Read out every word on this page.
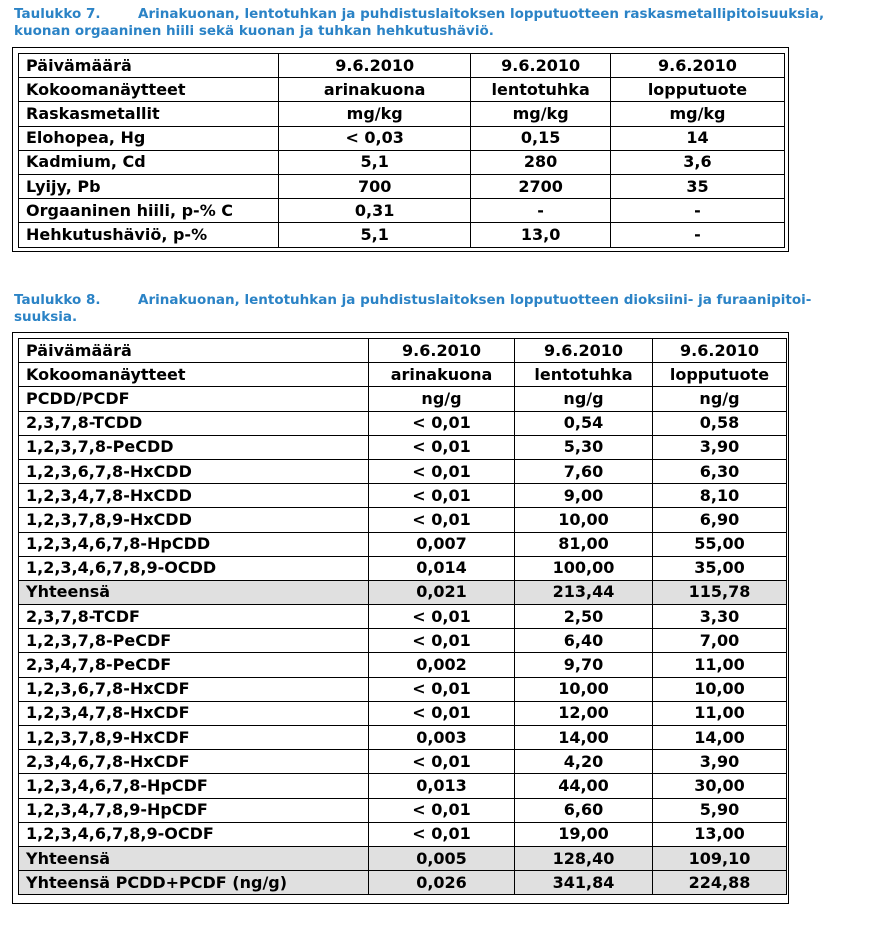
Taulukko 7.	Arinakuonan, lentotuhkan ja puhdistuslaitoksen lopputuotteen raskasmetallipitoisuuksia,
kuonan orgaaninen hiili sekä kuonan ja tuhkan hehkutushäviö.
Päivämäärä	9.6.2010	9.6.2010	9.6.2010
Kokoomanäytteet	arinakuona	lentotuhka	lopputuote
Raskasmetallit	mg/kg	mg/kg	mg/kg
Elohopea, Hg	< 0,03	0,15	14
Kadmium, Cd	5,1	280	3,6
Lyijy, Pb	700	2700	35
Orgaaninen hiili, p-% C	0,31	-	-
Hehkutushäviö, p-%	5,1	13,0	-
Taulukko 8.	Arinakuonan, lentotuhkan ja puhdistuslaitoksen lopputuotteen dioksiini- ja furaanipitoi-
suuksia.
Päivämäärä	9.6.2010	9.6.2010	9.6.2010
Kokoomanäytteet	arinakuona	lentotuhka	lopputuote
PCDD/PCDF	ng/g	ng/g	ng/g
2,3,7,8-TCDD	< 0,01	0,54	0,58
1,2,3,7,8-PeCDD	< 0,01	5,30	3,90
1,2,3,6,7,8-HxCDD	< 0,01	7,60	6,30
1,2,3,4,7,8-HxCDD	< 0,01	9,00	8,10
1,2,3,7,8,9-HxCDD	< 0,01	10,00	6,90
1,2,3,4,6,7,8-HpCDD	0,007	81,00	55,00
1,2,3,4,6,7,8,9-OCDD	0,014	100,00	35,00
Yhteensä	0,021	213,44	115,78
2,3,7,8-TCDF	< 0,01	2,50	3,30
1,2,3,7,8-PeCDF	< 0,01	6,40	7,00
2,3,4,7,8-PeCDF	0,002	9,70	11,00
1,2,3,6,7,8-HxCDF	< 0,01	10,00	10,00
1,2,3,4,7,8-HxCDF	< 0,01	12,00	11,00
1,2,3,7,8,9-HxCDF	0,003	14,00	14,00
2,3,4,6,7,8-HxCDF	< 0,01	4,20	3,90
1,2,3,4,6,7,8-HpCDF	0,013	44,00	30,00
1,2,3,4,7,8,9-HpCDF	< 0,01	6,60	5,90
1,2,3,4,6,7,8,9-OCDF	< 0,01	19,00	13,00
Yhteensä	0,005	128,40	109,10
Yhteensä PCDD+PCDF (ng/g)	0,026	341,84	224,88
